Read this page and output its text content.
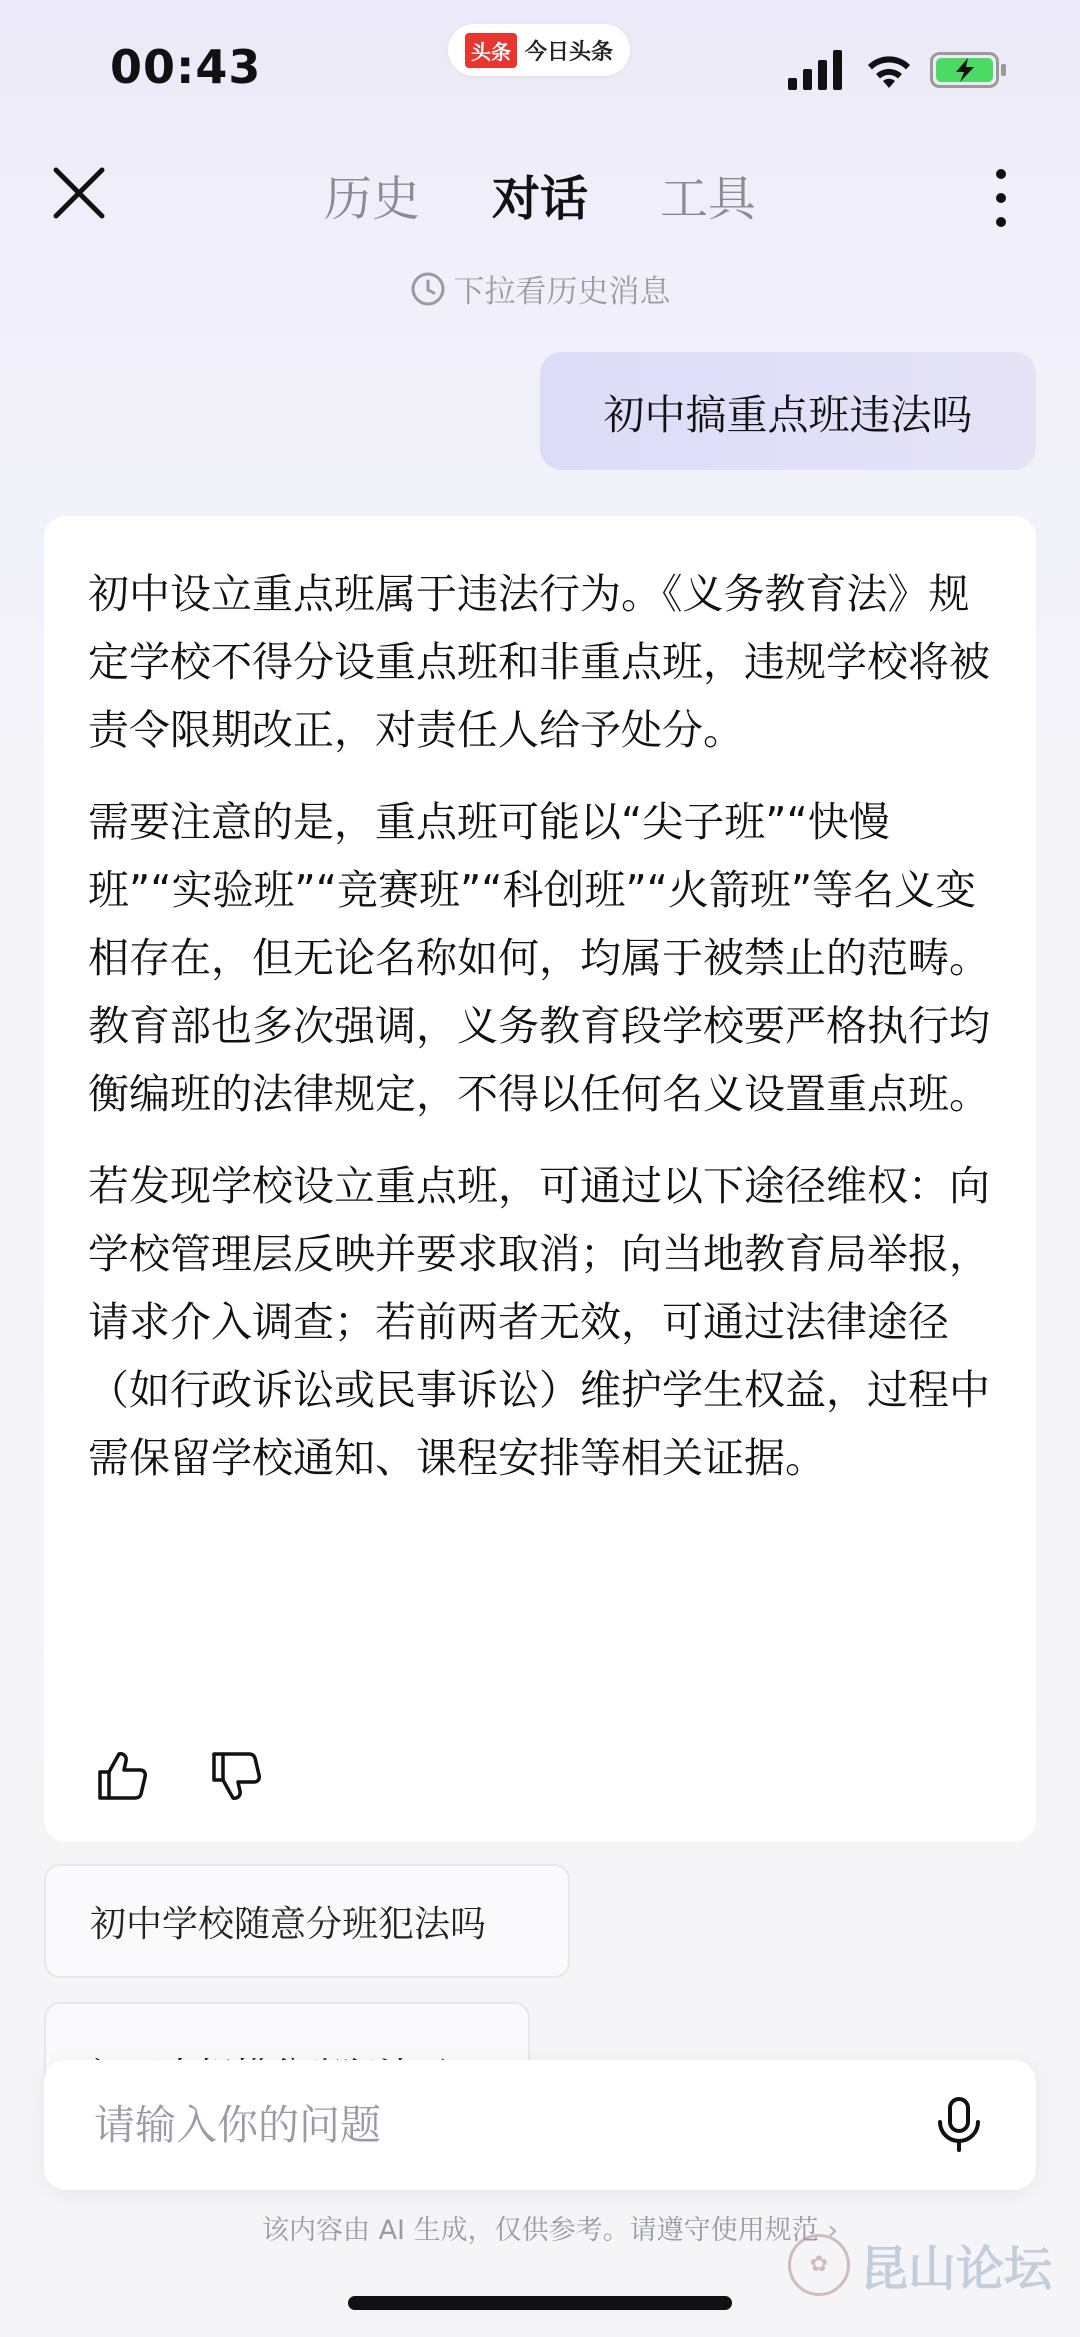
00:43	头条 今日头条
历史 对话 工具
下拉看历史消息
初中搞重点班违法吗

初中设立重点班属于违法行为。《义务教育法》规定学校不得分设重点班和非重点班，违规学校将被责令限期改正，对责任人给予处分。

需要注意的是，重点班可能以“尖子班”“快慢班”“实验班”“竞赛班”“科创班”“火箭班”等名义变相存在，但无论名称如何，均属于被禁止的范畴。教育部也多次强调，义务教育段学校要严格执行均衡编班的法律规定，不得以任何名义设置重点班。

若发现学校设立重点班，可通过以下途径维权：向学校管理层反映并要求取消；向当地教育局举报，请求介入调查；若前两者无效，可通过法律途径（如行政诉讼或民事诉讼）维护学生权益，过程中需保留学校通知、课程安排等相关证据。

初中学校随意分班犯法吗
请输入你的问题
该内容由 AI 生成，仅供参考。请遵守使用规范 ›
✿ 昆山论坛
